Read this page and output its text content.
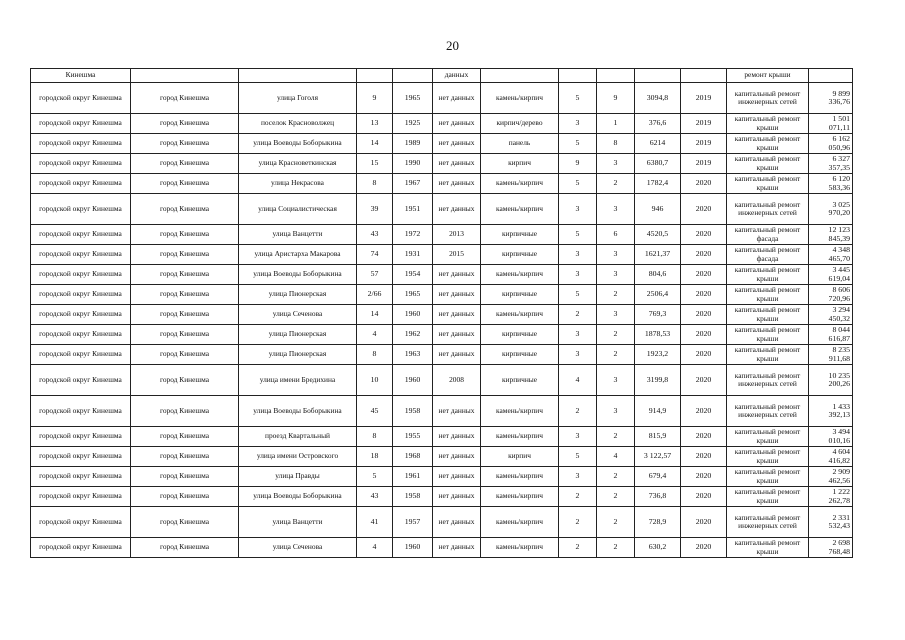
20
Кинешма					данных						ремонт крыши	
городской округ Кинешма	город Кинешма	улица Гоголя	9	1965	нет данных	камень/кирпич	5	9	3094,8	2019	капитальный ремонт инженерных сетей	9 899 336,76
городской округ Кинешма	город Кинешма	поселок Красноволжец	13	1925	нет данных	кирпич/дерево	3	1	376,6	2019	капитальный ремонт крыши	1 501 071,11
городской округ Кинешма	город Кинешма	улица Воеводы Боборыкина	14	1989	нет данных	панель	5	8	6214	2019	капитальный ремонт крыши	6 162 050,96
городской округ Кинешма	город Кинешма	улица Красноветкинская	15	1990	нет данных	кирпич	9	3	6380,7	2019	капитальный ремонт крыши	6 327 357,35
городской округ Кинешма	город Кинешма	улица Некрасова	8	1967	нет данных	камень/кирпич	5	2	1782,4	2020	капитальный ремонт крыши	6 120 583,36
городской округ Кинешма	город Кинешма	улица Социалистическая	39	1951	нет данных	камень/кирпич	3	3	946	2020	капитальный ремонт инженерных сетей	3 025 970,20
городской округ Кинешма	город Кинешма	улица Ванцетти	43	1972	2013	кирпичные	5	6	4520,5	2020	капитальный ремонт фасада	12 123 845,39
городской округ Кинешма	город Кинешма	улица Аристарха Макарова	74	1931	2015	кирпичные	3	3	1621,37	2020	капитальный ремонт фасада	4 348 465,70
городской округ Кинешма	город Кинешма	улица Воеводы Боборыкина	57	1954	нет данных	камень/кирпич	3	3	804,6	2020	капитальный ремонт крыши	3 445 619,04
городской округ Кинешма	город Кинешма	улица Пионерская	2/66	1965	нет данных	кирпичные	5	2	2506,4	2020	капитальный ремонт крыши	8 606 720,96
городской округ Кинешма	город Кинешма	улица Сеченова	14	1960	нет данных	камень/кирпич	2	3	769,3	2020	капитальный ремонт крыши	3 294 450,32
городской округ Кинешма	город Кинешма	улица Пионерская	4	1962	нет данных	кирпичные	3	2	1878,53	2020	капитальный ремонт крыши	8 044 616,87
городской округ Кинешма	город Кинешма	улица Пионерская	8	1963	нет данных	кирпичные	3	2	1923,2	2020	капитальный ремонт крыши	8 235 911,68
городской округ Кинешма	город Кинешма	улица имени Бредихина	10	1960	2008	кирпичные	4	3	3199,8	2020	капитальный ремонт инженерных сетей	10 235 200,26
городской округ Кинешма	город Кинешма	улица Воеводы Боборыкина	45	1958	нет данных	камень/кирпич	2	3	914,9	2020	капитальный ремонт инженерных сетей	1 433 392,13
городской округ Кинешма	город Кинешма	проезд Квартальный	8	1955	нет данных	камень/кирпич	3	2	815,9	2020	капитальный ремонт крыши	3 494 010,16
городской округ Кинешма	город Кинешма	улица имени Островского	18	1968	нет данных	кирпич	5	4	3 122,57	2020	капитальный ремонт крыши	4 604 416,82
городской округ Кинешма	город Кинешма	улица Правды	5	1961	нет данных	камень/кирпич	3	2	679,4	2020	капитальный ремонт крыши	2 909 462,56
городской округ Кинешма	город Кинешма	улица Воеводы Боборыкина	43	1958	нет данных	камень/кирпич	2	2	736,8	2020	капитальный ремонт крыши	1 222 262,78
городской округ Кинешма	город Кинешма	улица Ванцетти	41	1957	нет данных	камень/кирпич	2	2	728,9	2020	капитальный ремонт инженерных сетей	2 331 532,43
городской округ Кинешма	город Кинешма	улица Сеченова	4	1960	нет данных	камень/кирпич	2	2	630,2	2020	капитальный ремонт крыши	2 698 768,48
